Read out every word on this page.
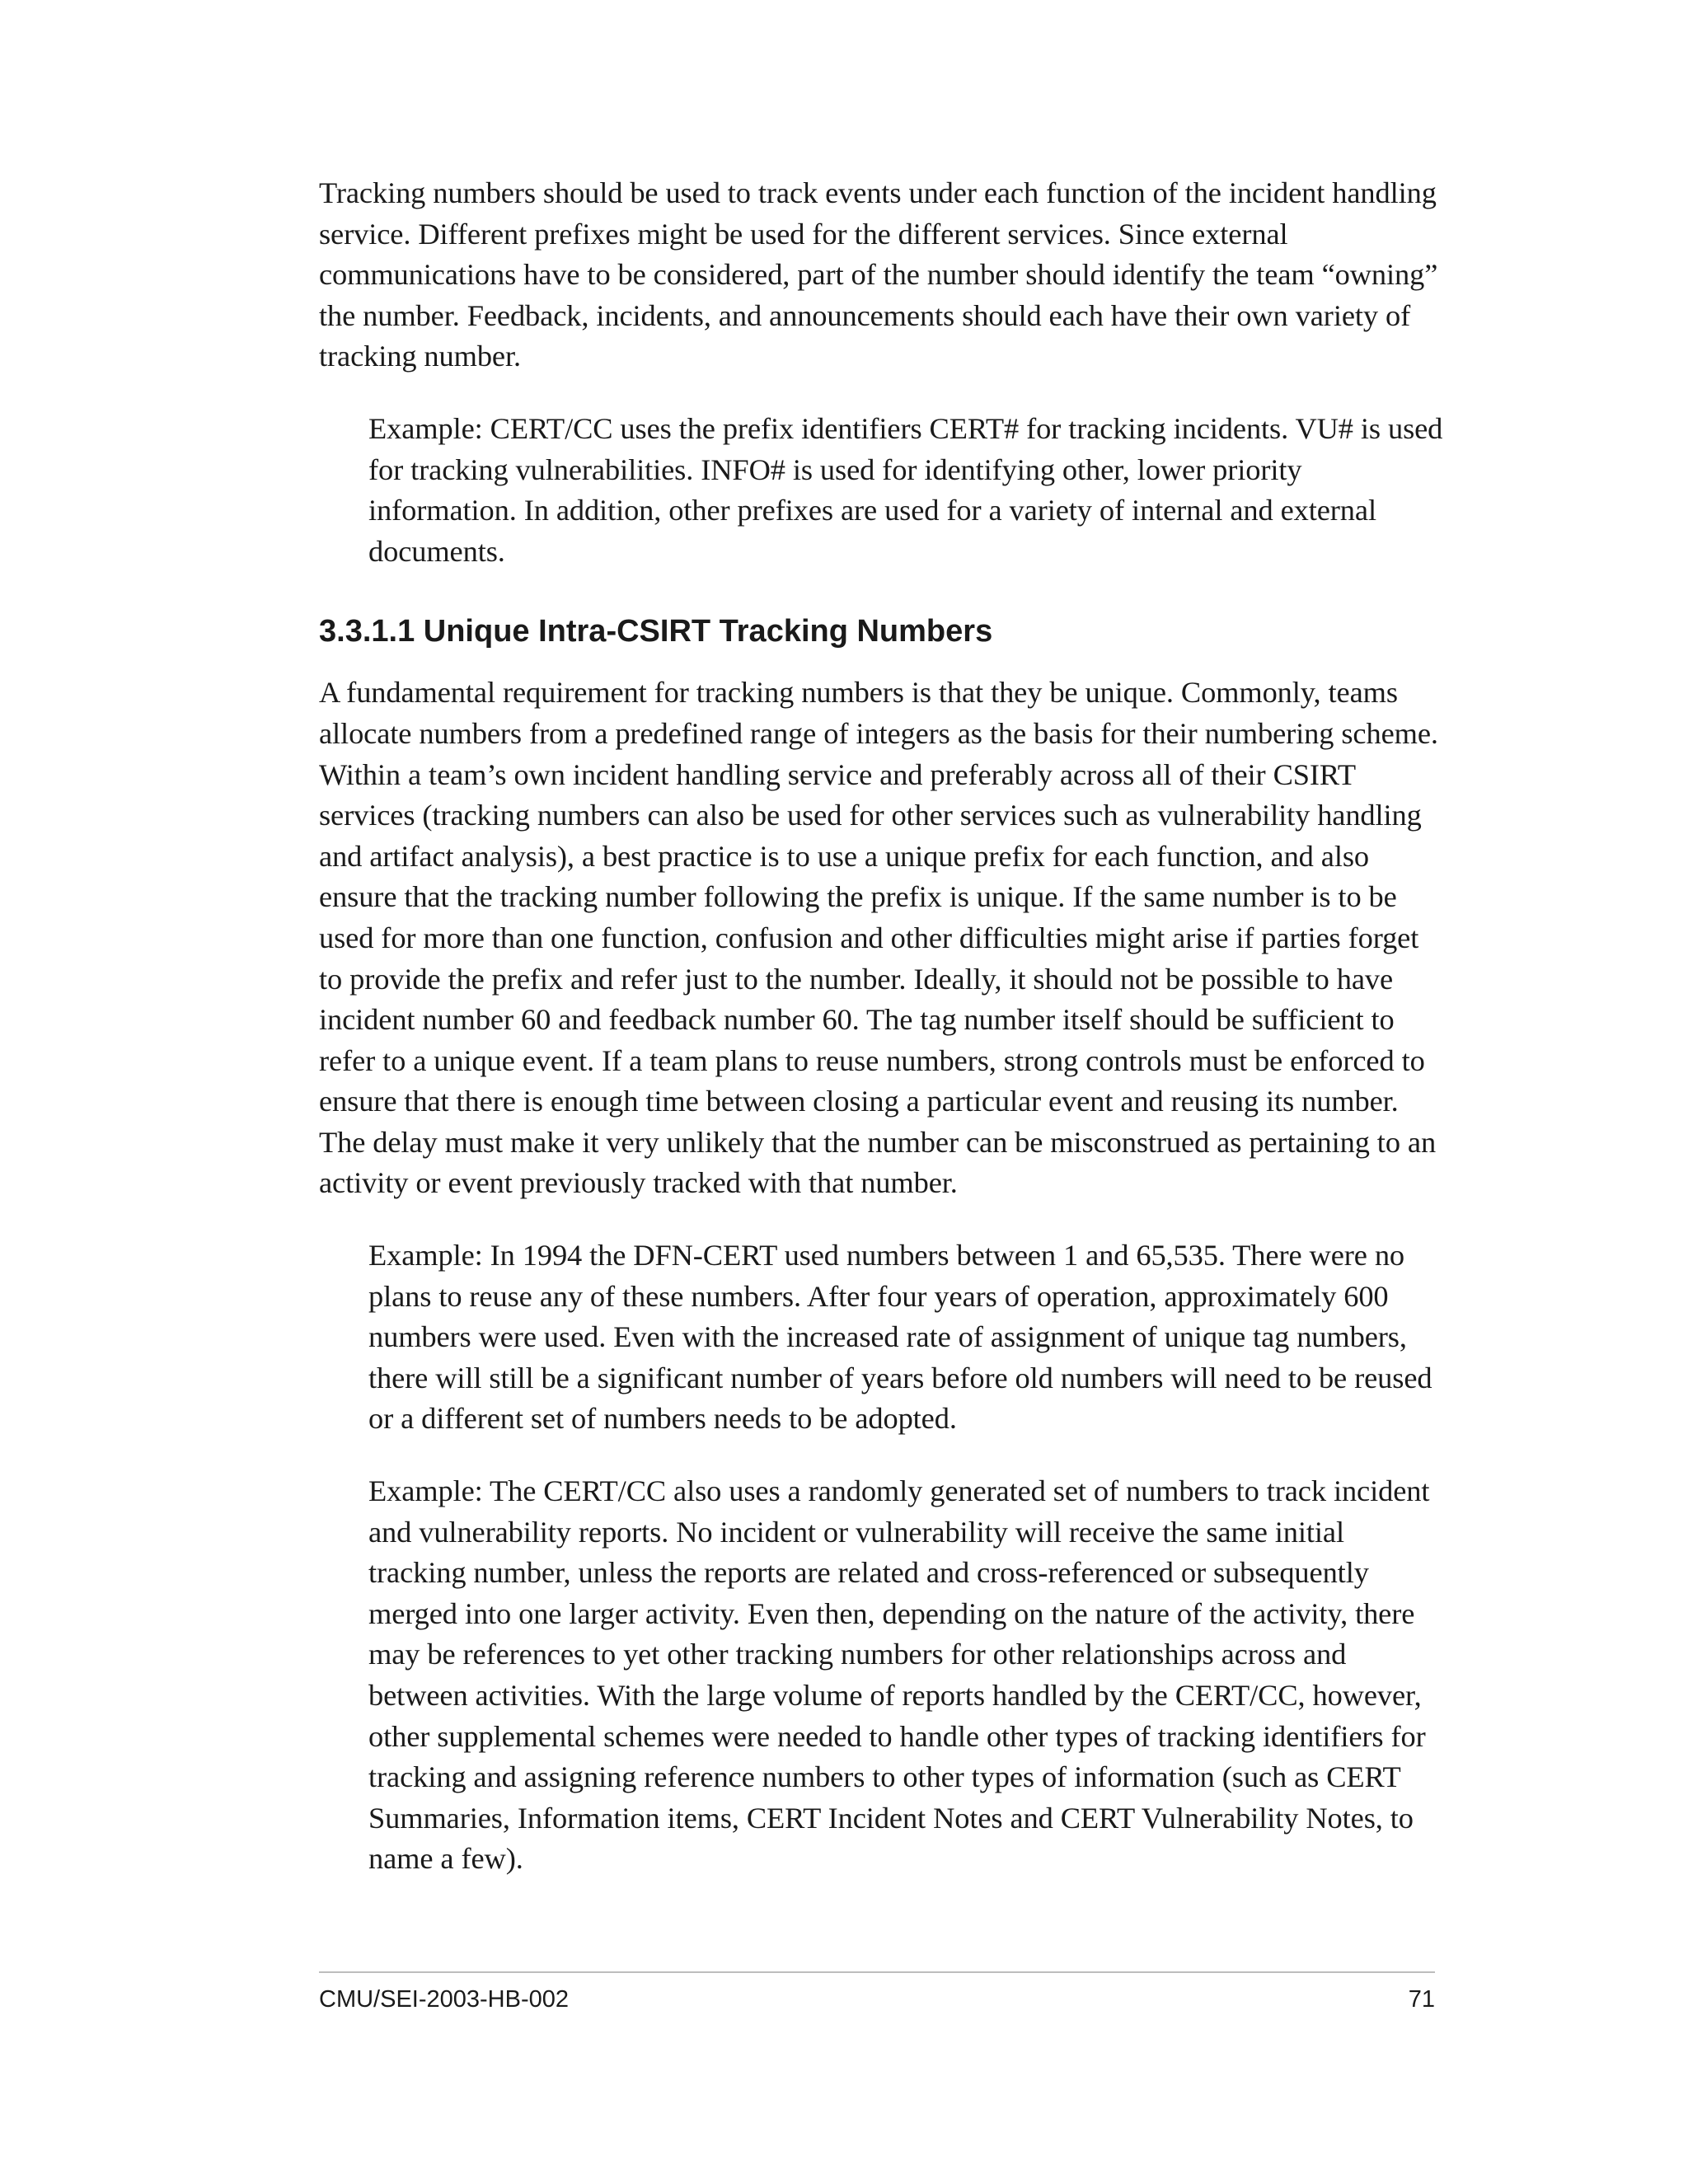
Tracking numbers should be used to track events under each function of the incident handling service. Different prefixes might be used for the different services. Since external communications have to be considered, part of the number should identify the team “owning” the number. Feedback, incidents, and announcements should each have their own variety of tracking number.

Example: CERT/CC uses the prefix identifiers CERT# for tracking incidents. VU# is used for tracking vulnerabilities. INFO# is used for identifying other, lower priority information. In addition, other prefixes are used for a variety of internal and external documents.

3.3.1.1 Unique Intra-CSIRT Tracking Numbers

A fundamental requirement for tracking numbers is that they be unique. Commonly, teams allocate numbers from a predefined range of integers as the basis for their numbering scheme. Within a team’s own incident handling service and preferably across all of their CSIRT services (tracking numbers can also be used for other services such as vulnerability handling and artifact analysis), a best practice is to use a unique prefix for each function, and also ensure that the tracking number following the prefix is unique. If the same number is to be used for more than one function, confusion and other difficulties might arise if parties forget to provide the prefix and refer just to the number. Ideally, it should not be possible to have incident number 60 and feedback number 60. The tag number itself should be sufficient to refer to a unique event. If a team plans to reuse numbers, strong controls must be enforced to ensure that there is enough time between closing a particular event and reusing its number. The delay must make it very unlikely that the number can be misconstrued as pertaining to an activity or event previously tracked with that number.

Example: In 1994 the DFN-CERT used numbers between 1 and 65,535. There were no plans to reuse any of these numbers. After four years of operation, approximately 600 numbers were used. Even with the increased rate of assignment of unique tag numbers, there will still be a significant number of years before old numbers will need to be reused or a different set of numbers needs to be adopted.

Example: The CERT/CC also uses a randomly generated set of numbers to track incident and vulnerability reports. No incident or vulnerability will receive the same initial tracking number, unless the reports are related and cross-referenced or subsequently merged into one larger activity. Even then, depending on the nature of the activity, there may be references to yet other tracking numbers for other relationships across and between activities. With the large volume of reports handled by the CERT/CC, however, other supplemental schemes were needed to handle other types of tracking identifiers for tracking and assigning reference numbers to other types of information (such as CERT Summaries, Information items, CERT Incident Notes and CERT Vulnerability Notes, to name a few).

CMU/SEI-2003-HB-002	71
